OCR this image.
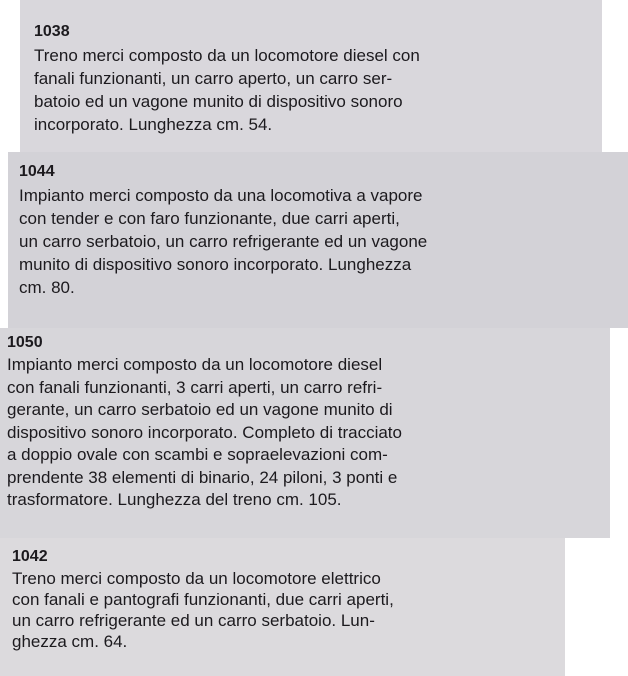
1038
Treno merci composto da un locomotore diesel con
fanali funzionanti, un carro aperto, un carro ser-
batoio ed un vagone munito di dispositivo sonoro
incorporato. Lunghezza cm. 54.
1044
Impianto merci composto da una locomotiva a vapore
con tender e con faro funzionante, due carri aperti,
un carro serbatoio, un carro refrigerante ed un vagone
munito di dispositivo sonoro incorporato. Lunghezza
cm. 80.
1050
Impianto merci composto da un locomotore diesel
con fanali funzionanti, 3 carri aperti, un carro refri-
gerante, un carro serbatoio ed un vagone munito di
dispositivo sonoro incorporato. Completo di tracciato
a doppio ovale con scambi e sopraelevazioni com-
prendente 38 elementi di binario, 24 piloni, 3 ponti e
trasformatore. Lunghezza del treno cm. 105.
1042
Treno merci composto da un locomotore elettrico
con fanali e pantografi funzionanti, due carri aperti,
un carro refrigerante ed un carro serbatoio. Lun-
ghezza cm. 64.
